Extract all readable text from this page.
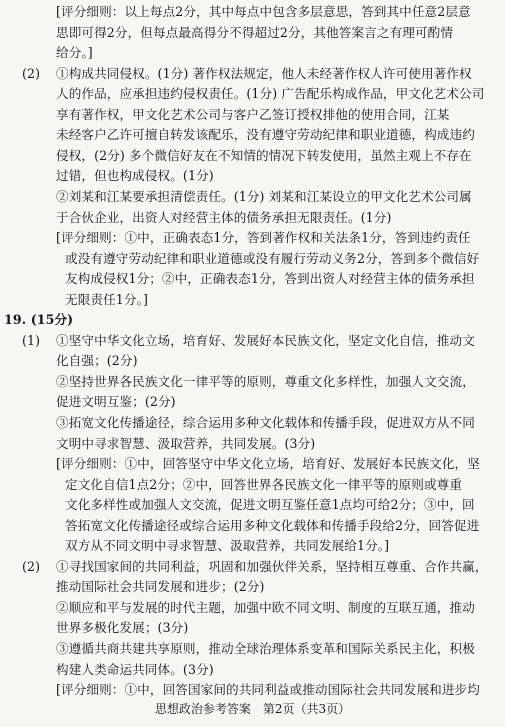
[评分细则：以上每点2分，其中每点中包含多层意思，答到其中任意2层意

思即可得2分，但每点最高得分不得超过2分，其他答案言之有理可酌情

给分。]

(2) ①构成共同侵权。(1分) 著作权法规定，他人未经著作权人许可使用著作权

人的作品，应承担违约侵权责任。(1分) 广告配乐构成作品，甲文化艺术公司

享有著作权，甲文化艺术公司与客户乙签订授权排他的使用合同，江某

未经客户乙许可擅自转发该配乐，没有遵守劳动纪律和职业道德，构成违约

侵权，(2分) 多个微信好友在不知情的情况下转发使用，虽然主观上不存在

过错，但也构成侵权。(1分)

②刘某和江某要承担清偿责任。(1分) 刘某和江某设立的甲文化艺术公司属

于合伙企业，出资人对经营主体的债务承担无限责任。(1分)

[评分细则：①中，正确表态1分，答到著作权和关法条1分，答到违约责任

或没有遵守劳动纪律和职业道德或没有履行劳动义务2分，答到多个微信好

友构成侵权1分；②中，正确表态1分，答到出资人对经营主体的债务承担

无限责任1分。]

19. (15分)

(1) ①坚守中华文化立场，培育好、发展好本民族文化，坚定文化自信，推动文

化自强；(2分)

②坚持世界各民族文化一律平等的原则，尊重文化多样性，加强人文交流，

促进文明互鉴；(2分)

③拓宽文化传播途径，综合运用多种文化载体和传播手段，促进双方从不同

文明中寻求智慧、汲取营养，共同发展。(3分)

[评分细则：①中，回答坚守中华文化立场，培育好、发展好本民族文化，坚

定文化自信1点2分；②中，回答世界各民族文化一律平等的原则或尊重

文化多样性或加强人文交流，促进文明互鉴任意1点均可给2分；③中，回

答拓宽文化传播途径或综合运用多种文化载体和传播手段给2分，回答促进

双方从不同文明中寻求智慧、汲取营养，共同发展给1分。]

(2) ①寻找国家间的共同利益，巩固和加强伙伴关系，坚持相互尊重、合作共赢，

推动国际社会共同发展和进步；(2分)

②顺应和平与发展的时代主题，加强中欧不同文明、制度的互联互通，推动

世界多极化发展；(3分)

③遵循共商共建共享原则，推动全球治理体系变革和国际关系民主化，积极

构建人类命运共同体。(3分)

[评分细则：①中，回答国家间的共同利益或推动国际社会共同发展和进步均

思想政治参考答案　第2页（共3页）
